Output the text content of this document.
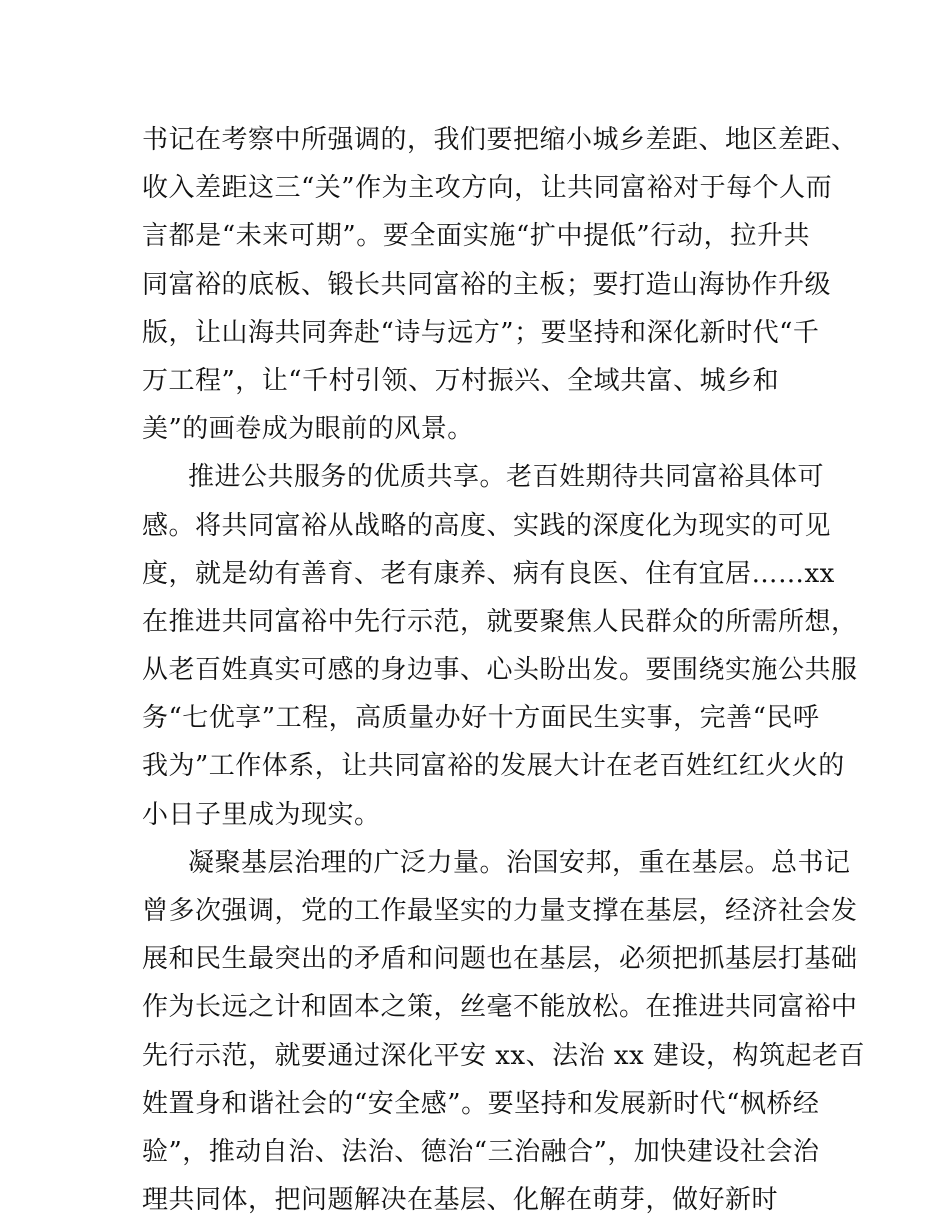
书记在考察中所强调的，我们要把缩小城乡差距、地区差距、
收入差距这三“关”作为主攻方向，让共同富裕对于每个人而
言都是“未来可期”。要全面实施“扩中提低”行动，拉升共
同富裕的底板、锻长共同富裕的主板；要打造山海协作升级
版，让山海共同奔赴“诗与远方”；要坚持和深化新时代“千
万工程”，让“千村引领、万村振兴、全域共富、城乡和
美”的画卷成为眼前的风景。
推进公共服务的优质共享。老百姓期待共同富裕具体可
感。将共同富裕从战略的高度、实践的深度化为现实的可见
度，就是幼有善育、老有康养、病有良医、住有宜居……xx
在推进共同富裕中先行示范，就要聚焦人民群众的所需所想，
从老百姓真实可感的身边事、心头盼出发。要围绕实施公共服
务“七优享”工程，高质量办好十方面民生实事，完善“民呼
我为”工作体系，让共同富裕的发展大计在老百姓红红火火的
小日子里成为现实。
凝聚基层治理的广泛力量。治国安邦，重在基层。总书记
曾多次强调，党的工作最坚实的力量支撑在基层，经济社会发
展和民生最突出的矛盾和问题也在基层，必须把抓基层打基础
作为长远之计和固本之策，丝毫不能放松。在推进共同富裕中
先行示范，就要通过深化平安 xx、法治 xx 建设，构筑起老百
姓置身和谐社会的“安全感”。要坚持和发展新时代“枫桥经
验”，推动自治、法治、德治“三治融合”，加快建设社会治
理共同体，把问题解决在基层、化解在萌芽，做好新时
